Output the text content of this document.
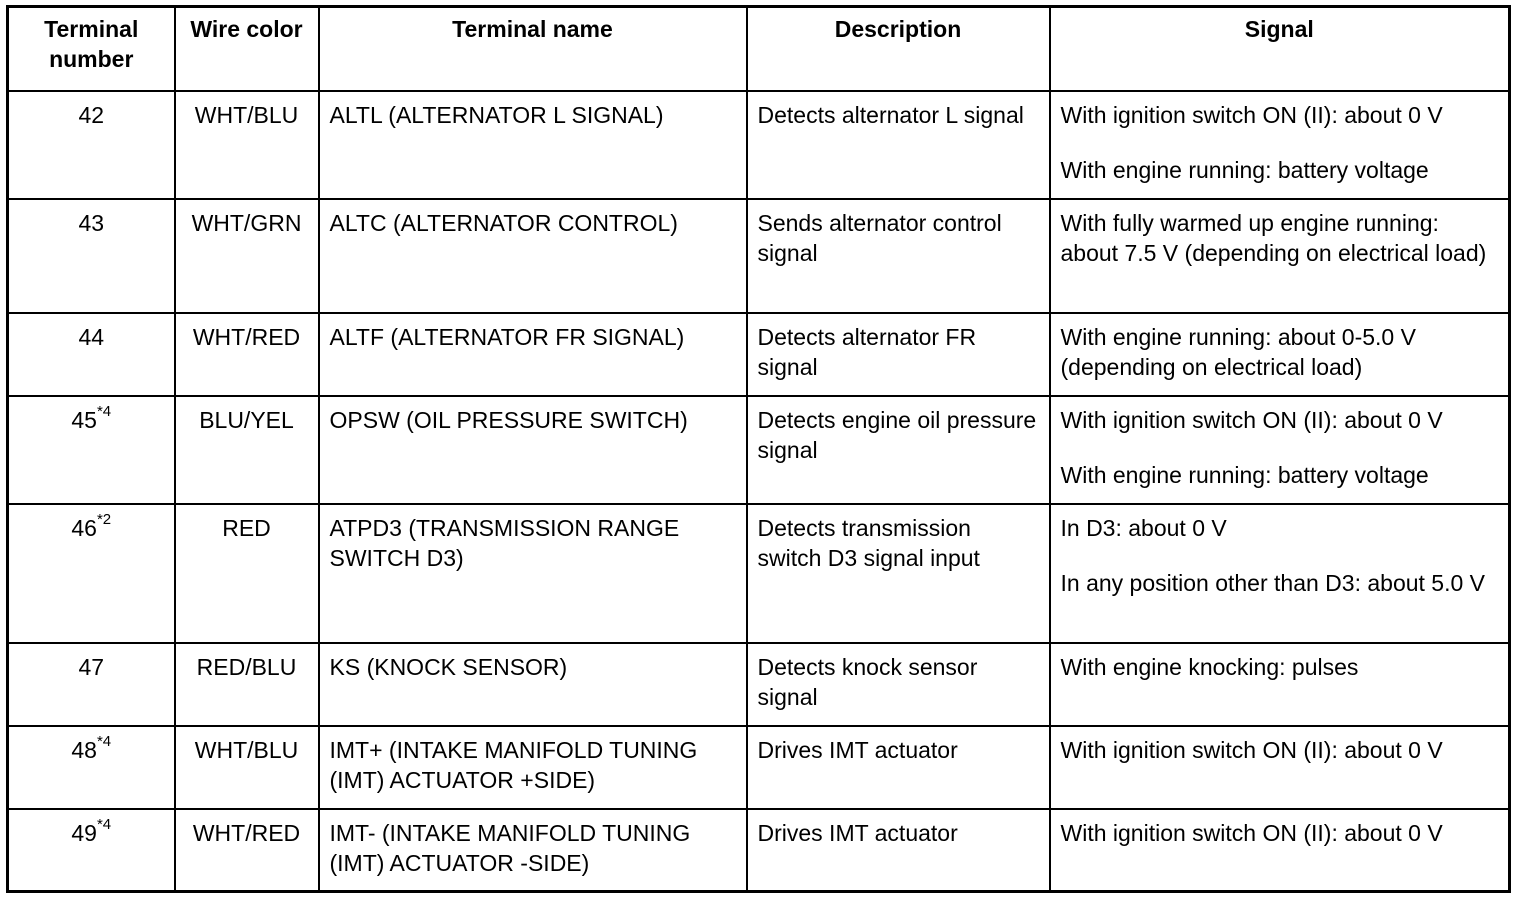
Terminal number	Wire color	Terminal name	Description	Signal
42	WHT/BLU	ALTL (ALTERNATOR L SIGNAL)	Detects alternator L signal	With ignition switch ON (II): about 0 V
With engine running: battery voltage

43	WHT/GRN	ALTC (ALTERNATOR CONTROL)	Sends alternator control signal	With fully warmed up engine running: about 7.5 V (depending on electrical load)

44	WHT/RED	ALTF (ALTERNATOR FR SIGNAL)	Detects alternator FR signal	With engine running: about 0-5.0 V (depending on electrical load)

45$^{*4}$	BLU/YEL	OPSW (OIL PRESSURE SWITCH)	Detects engine oil pressure signal	With ignition switch ON (II): about 0 V
With engine running: battery voltage

46$^{*2}$	RED	ATPD3 (TRANSMISSION RANGE SWITCH D3)	Detects transmission switch D3 signal input	In D3: about 0 V
In any position other than D3: about 5.0 V

47	RED/BLU	KS (KNOCK SENSOR)	Detects knock sensor signal	With engine knocking: pulses

48$^{*4}$	WHT/BLU	IMT+ (INTAKE MANIFOLD TUNING (IMT) ACTUATOR +SIDE)	Drives IMT actuator	With ignition switch ON (II): about 0 V

49$^{*4}$	WHT/RED	IMT- (INTAKE MANIFOLD TUNING (IMT) ACTUATOR -SIDE)	Drives IMT actuator	With ignition switch ON (II): about 0 V
